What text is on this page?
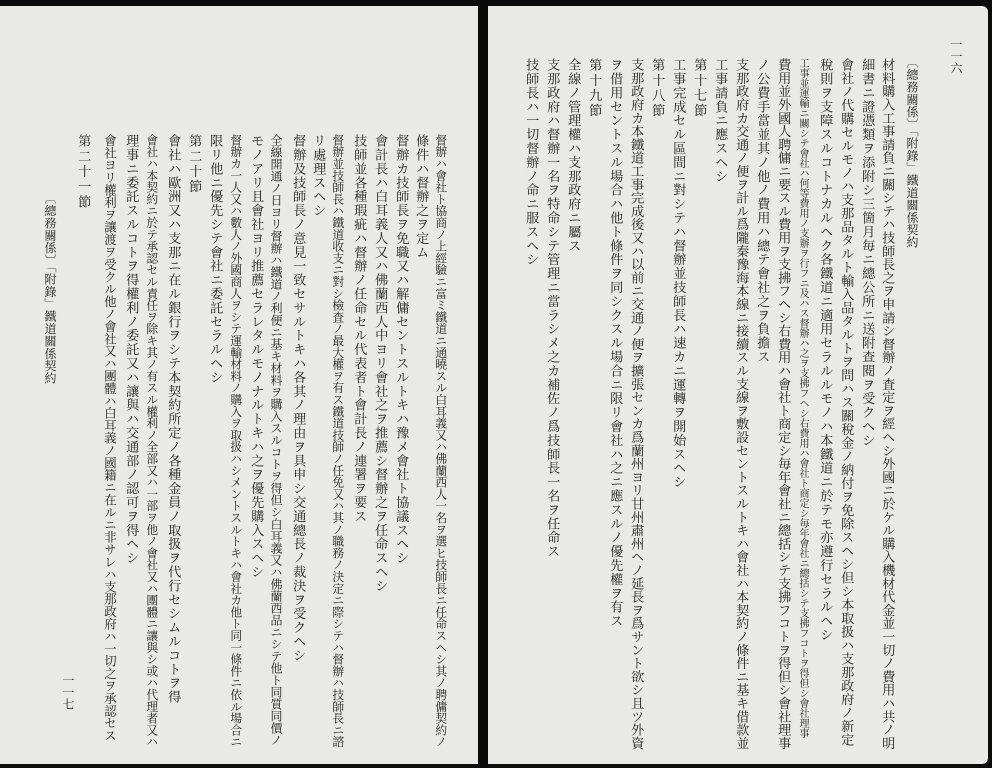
督辦ハ會社ト協商ノ上經驗ニ富ミ鐵道ニ通曉スル白耳義又ハ佛蘭西人一名ヲ選ヒ技師長ニ任命スヘシ其ノ聘傭契約ノ
條件ハ督辦之ヲ定ム
督辦カ技師長ヲ免職又ハ解傭セントスルトキハ豫メ會社ト協議スヘシ
會計長ハ白耳義人又ハ佛蘭西人中ヨリ會社之ヲ推薦シ督辦之ヲ任命スヘシ
技師並各種瑕疵ハ督辦ノ任命セル代表者ト會計長ノ連署ヲ要ス
督辦並技師長ハ鐵道收支ニ對シ檢査ノ最大權ヲ有ス鐵道技師ノ任免又ハ其ノ職務ノ決定ニ際シテハ督辦ハ技師長ニ諮
リ處理スヘシ
督辦及技師長ノ意見一致セサルトキハ各其ノ理由ヲ具申シ交通總長ノ裁決ヲ受クヘシ
全線開通ノ日ヨリ督辦ハ鐵道ノ利便ニ基キ材料ヲ購入スルコトヲ得但シ白耳義又ハ佛蘭西品ニシテ他ト同質同價ノ
モノアリ且會社ヨリ推薦セラレタルモノナルトキハ之ヲ優先購入スヘシ
督辦カ一人又ハ數人ノ外國商人ヲシテ運輸材料ノ購入ヲ取扱ハシメントスルトキハ會社カ他ト同一條件ニ依ル場合ニ
限リ他ニ優先シテ會社ニ委託セラルヘシ
第二十節
會社ハ歐洲又ハ支那ニ在ル銀行ヲシテ本契約所定ノ各種金員ノ取扱ヲ代行セシムルコトヲ得
會社ハ本契約ニ於テ承認セル責任ヲ除キ其ノ有スル權利ノ全部又ハ一部ヲ他ノ會社又ハ團體ニ讓與シ或ハ代理者又ハ
理事ニ委託スルコトヲ得權利ノ委託又ハ讓與ハ交通部ノ認可ヲ得ヘシ
會社ヨリ權利ヲ讓渡ヲ受クル他ノ會社又ハ團體ハ白耳義ノ國籍ニ在ルニ非サレハ支那政府ハ一切之ヲ承認セス
第二十一節
〔總務關係〕「附錄」鐵道關係契約
一一七
〔總務關係〕「附錄」鐵道關係契約	一一六
材料購入工事請負ニ關シテハ技師長之ヲ申請シ督辦ノ査定ヲ經ヘシ外國ニ於ケル購入機材代金並一切ノ費用ハ共ノ明
細書ニ證憑類ヲ添附シ三箇月毎ニ總公所ニ送附查閱ヲ受クヘシ
會社ノ代購セルモノハ支那品タルト輸入品タルトヲ問ハス關稅金ノ納付ヲ免除スヘシ但シ本取扱ハ支那政府ノ新定
稅則ヲ支障スルコトナカルヘク各鐵道ニ適用セラルルモノハ本鐵道ニ於テモ亦遵行セラルヘシ
工事並運輸ニ關シテ會社ハ何等費用ノ支辦ヲ行フニ及ハス督辦ハ之ヲ支拂フヘシ右費用ハ會社ト商定シ毎年會社ニ總括シテ支拂フコトヲ得但シ會社理事
費用並外國人聘傭ニ要スル費用ヲ支拂フヘシ右費用ハ會社ト商定シ毎年會社ニ總括シテ支拂フコトヲ得但シ會社理事
ノ公費手當並其ノ他ノ費用ハ總テ會社之ヲ負擔ス
支那政府カ交通ノ便ヲ計ル爲隴秦豫海本線ニ接續スル支線ヲ敷設セントスルトキハ會社ハ本契約ノ條件ニ基キ借款並
工事請負ニ應スヘシ
第十七節
工事完成セル區間ニ對シテハ督辦並技師長ハ速カニ運轉ヲ開始スヘシ
第十八節
支那政府カ本鐵道工事完成後又ハ以前ニ交通ノ便ヲ擴張センカ爲蘭州ヨリ甘州肅州ヘノ延長ヲ爲サント欲シ且ツ外資
ヲ借用セントスル場合ハ他ト條件ヲ同シクスル場合ニ限リ會社ハ之ニ應スルノ優先權ヲ有ス
第十九節
全線ノ管理權ハ支那政府ニ屬ス
支那政府ハ督辦一名ヲ特命シテ管理ニ當ラシメ之カ補佐ノ爲技師長一名ヲ任命ス
技師長ハ一切督辦ノ命ニ服スヘシ
